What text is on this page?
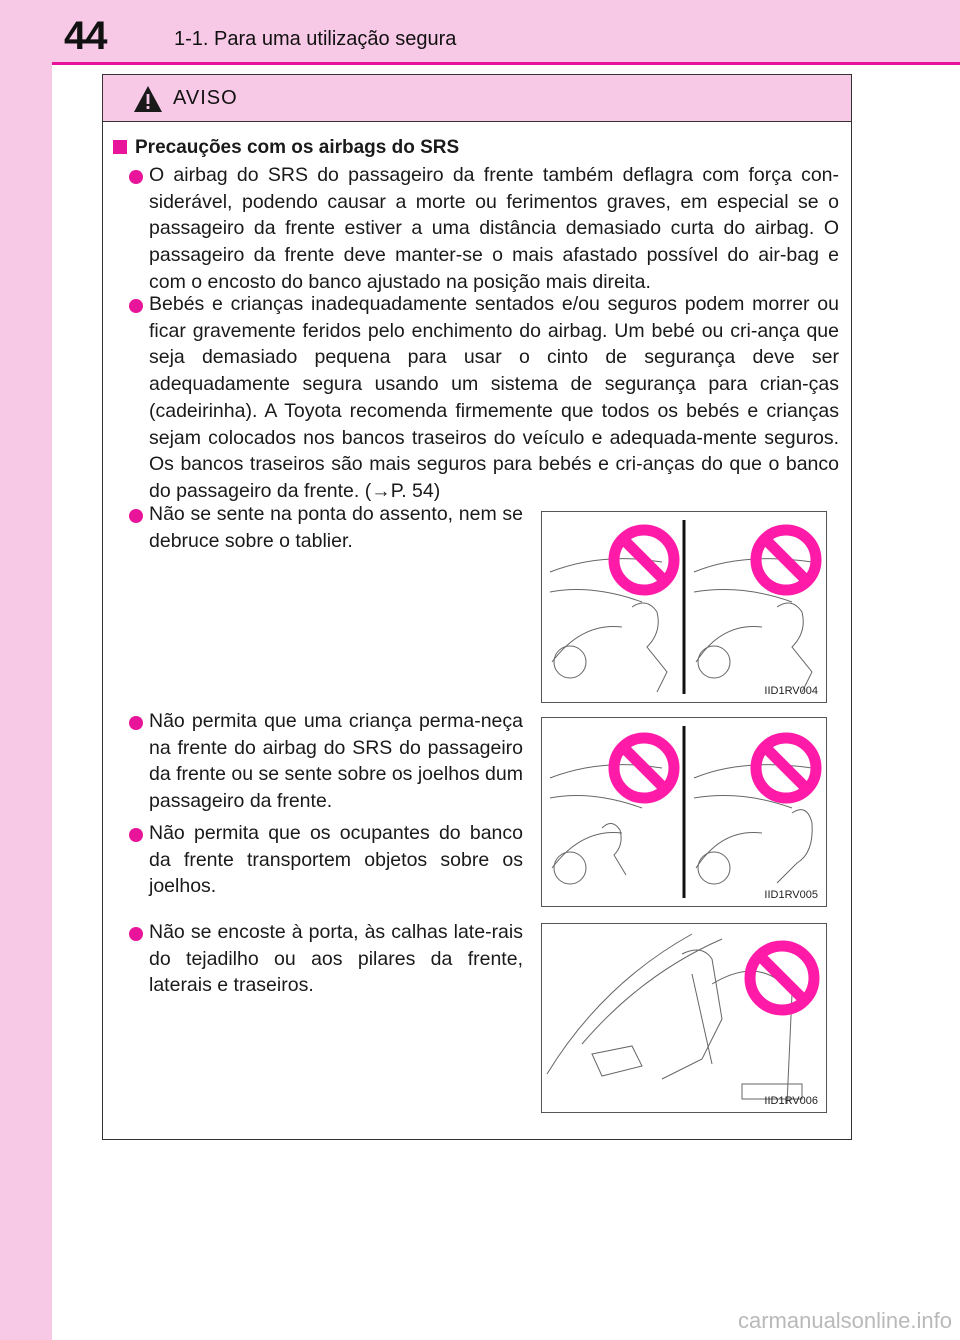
44	1-1. Para uma utilização segura
AVISO
Precauções com os airbags do SRS
O airbag do SRS do passageiro da frente também deflagra com força con-siderável, podendo causar a morte ou ferimentos graves, em especial se o passageiro da frente estiver a uma distância demasiado curta do airbag. O passageiro da frente deve manter-se o mais afastado possível do air-bag e com o encosto do banco ajustado na posição mais direita.
Bebés e crianças inadequadamente sentados e/ou seguros podem morrer ou ficar gravemente feridos pelo enchimento do airbag. Um bebé ou cri-ança que seja demasiado pequena para usar o cinto de segurança deve ser adequadamente segura usando um sistema de segurança para crian-ças (cadeirinha). A Toyota recomenda firmemente que todos os bebés e crianças sejam colocados nos bancos traseiros do veículo e adequada-mente seguros. Os bancos traseiros são mais seguros para bebés e cri-anças do que o banco do passageiro da frente. (→P. 54)
Não se sente na ponta do assento, nem se debruce sobre o tablier.
Não permita que uma criança perma-neça na frente do airbag do SRS do passageiro da frente ou se sente sobre os joelhos dum passageiro da frente.
Não permita que os ocupantes do banco da frente transportem objetos sobre os joelhos.
Não se encoste à porta, às calhas late-rais do tejadilho ou aos pilares da frente, laterais e traseiros.
IID1RV004
IID1RV005
IID1RV006
carmanualsonline.info
